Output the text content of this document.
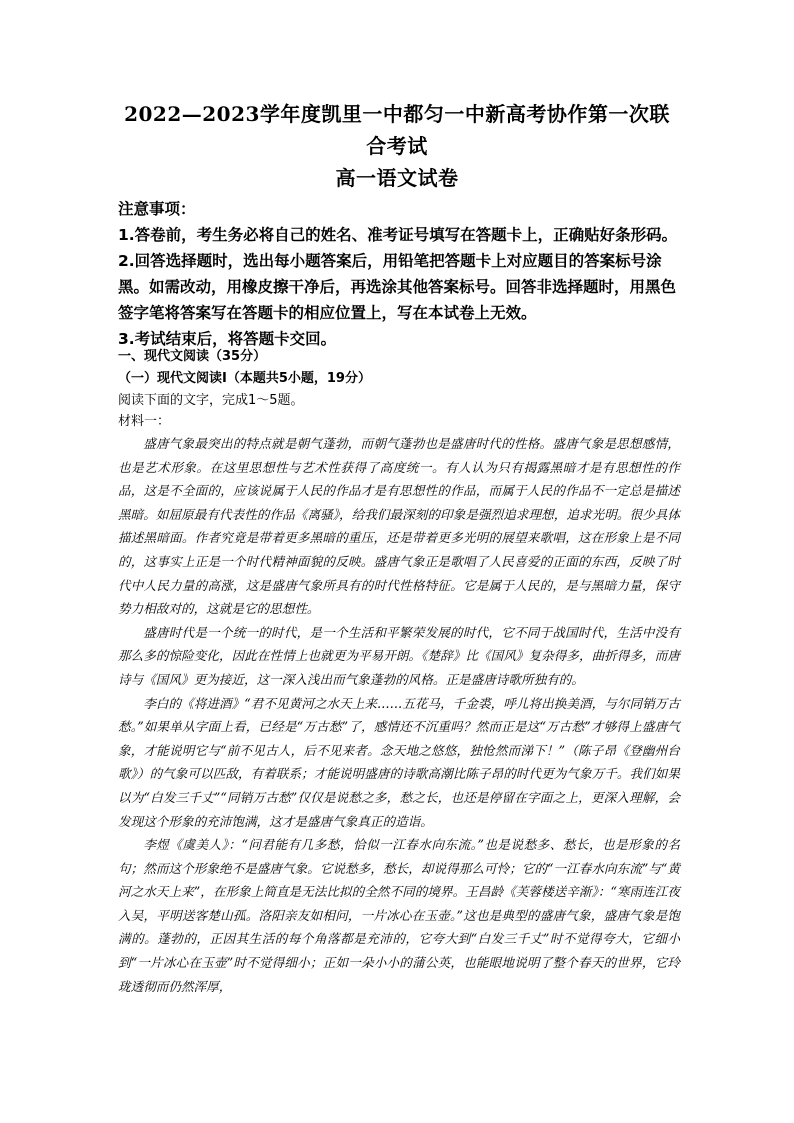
2022—2023学年度凯里一中都匀一中新高考协作第一次联
合考试
高一语文试卷
注意事项：

1.答卷前，考生务必将自己的姓名、准考证号填写在答题卡上，正确贴好条形码。

2.回答选择题时，选出每小题答案后，用铅笔把答题卡上对应题目的答案标号涂黑。如需改动，用橡皮擦干净后，再选涂其他答案标号。回答非选择题时，用黑色签字笔将答案写在答题卡的相应位置上，写在本试卷上无效。

3.考试结束后，将答题卡交回。

一、现代文阅读（35分）
（一）现代文阅读Ⅰ（本题共5小题，19分）
阅读下面的文字，完成1～5题。
材料一：

盛唐气象最突出的特点就是朝气蓬勃，而朝气蓬勃也是盛唐时代的性格。盛唐气象是思想感情，也是艺术形象。在这里思想性与艺术性获得了高度统一。有人认为只有揭露黑暗才是有思想性的作品，这是不全面的，应该说属于人民的作品才是有思想性的作品，而属于人民的作品不一定总是描述黑暗。如屈原最有代表性的作品《离骚》，给我们最深刻的印象是强烈追求理想，追求光明。很少具体描述黑暗面。作者究竟是带着更多黑暗的重压，还是带着更多光明的展望来歌唱，这在形象上是不同的，这事实上正是一个时代精神面貌的反映。盛唐气象正是歌唱了人民喜爱的正面的东西，反映了时代中人民力量的高涨，这是盛唐气象所具有的时代性格特征。它是属于人民的，是与黑暗力量，保守势力相敌对的，这就是它的思想性。

盛唐时代是一个统一的时代，是一个生活和平繁荣发展的时代，它不同于战国时代，生活中没有那么多的惊险变化，因此在性情上也就更为平易开朗。《楚辞》比《国风》复杂得多，曲折得多，而唐诗与《国风》更为接近，这一深入浅出而气象蓬勃的风格。正是盛唐诗歌所独有的。

李白的《将进酒》“君不见黄河之水天上来……五花马，千金裘，呼儿将出换美酒，与尔同销万古愁。”如果单从字面上看，已经是“万古愁”了，感情还不沉重吗？然而正是这“万古愁”才够得上盛唐气象，才能说明它与“前不见古人，后不见来者。念天地之悠悠，独怆然而涕下！”（陈子昂《登幽州台歌》）的气象可以匹敌，有着联系；才能说明盛唐的诗歌高潮比陈子昂的时代更为气象万千。我们如果以为“白发三千丈”“同销万古愁”仅仅是说愁之多，愁之长，也还是停留在字面之上，更深入理解，会发现这个形象的充沛饱满，这才是盛唐气象真正的造诣。

李煜《虞美人》：“问君能有几多愁，恰似一江春水向东流。”也是说愁多、愁长，也是形象的名句；然而这个形象绝不是盛唐气象。它说愁多，愁长，却说得那么可怜；它的“一江春水向东流”与“黄河之水天上来”，在形象上简直是无法比拟的全然不同的境界。王昌龄《芙蓉楼送辛渐》：“寒雨连江夜入吴，平明送客楚山孤。洛阳亲友如相问，一片冰心在玉壶。”这也是典型的盛唐气象，盛唐气象是饱满的。蓬勃的，正因其生活的每个角落都是充沛的，它夸大到“白发三千丈”时不觉得夸大，它细小到“一片冰心在玉壶”时不觉得细小；正如一朵小小的蒲公英，也能眼地说明了整个春天的世界，它玲珑透彻而仍然浑厚，
